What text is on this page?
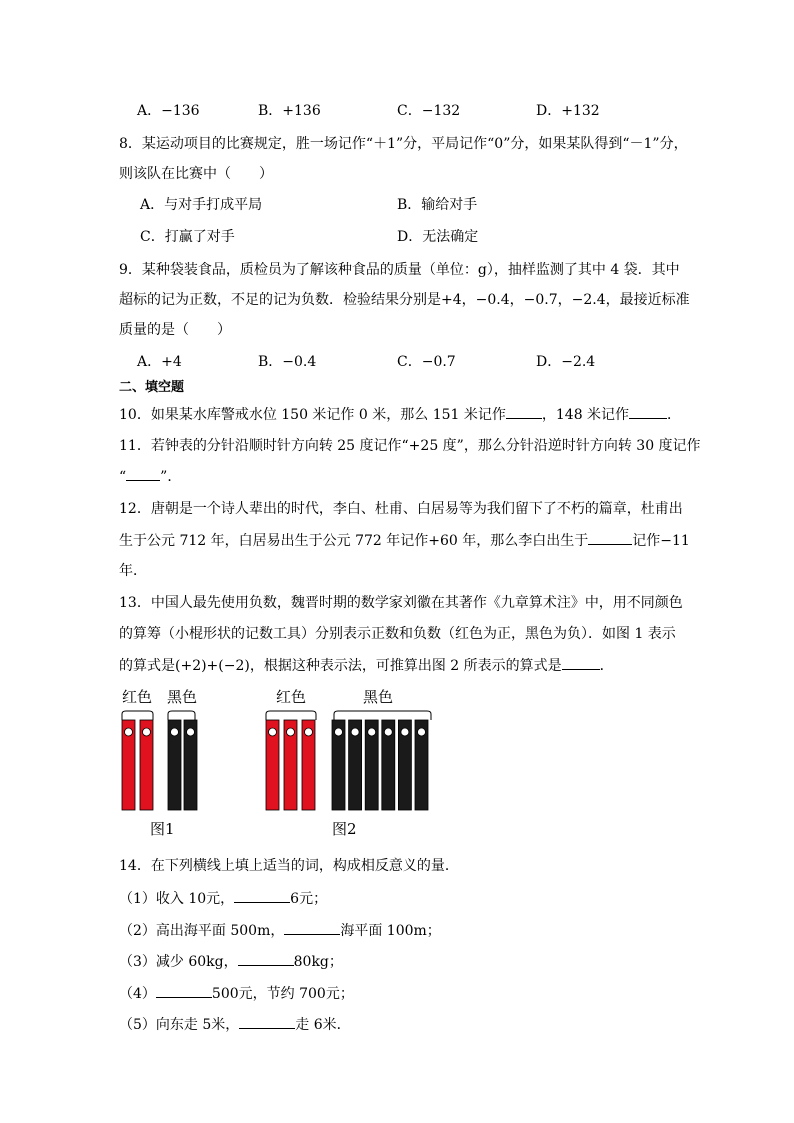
A．−136	B．+136	C．−132	D．+132
8．某运动项目的比赛规定，胜一场记作“＋1”分，平局记作“0”分，如果某队得到“－1”分，
则该队在比赛中（　　）
A．与对手打成平局	B．输给对手
C．打赢了对手	D．无法确定
9．某种袋装食品，质检员为了解该种食品的质量（单位：g），抽样监测了其中 4 袋．其中
超标的记为正数，不足的记为负数．检验结果分别是+4，−0.4，−0.7，−2.4，最接近标准
质量的是（　　）
A．+4	B．−0.4	C．−0.7	D．−2.4
二、填空题
10．如果某水库警戒水位 150 米记作 0 米，那么 151 米记作	，148 米记作	．
11．若钟表的分针沿顺时针方向转 25 度记作“+25 度”，那么分针沿逆时针方向转 30 度记作
“ ”．
12．唐朝是一个诗人辈出的时代，李白、杜甫、白居易等为我们留下了不朽的篇章，杜甫出
生于公元 712 年，白居易出生于公元 772 年记作+60 年，那么李白出生于	记作−11
年．
13．中国人最先使用负数，魏晋时期的数学家刘徽在其著作《九章算术注》中，用不同颜色
的算筹（小棍形状的记数工具）分别表示正数和负数（红色为正，黑色为负）．如图 1 表示
的算式是(+2)+(−2)，根据这种表示法，可推算出图 2 所表示的算式是	．
红色 黑色
图1
红色	黑色
图2
14．在下列横线上填上适当的词，构成相反意义的量．
（1）收入 10元，	6元；
（2）高出海平面 500m，	海平面 100m；
（3）减少 60kg，	80kg；
（4）	500元，节约 700元；
（5）向东走 5米，	走 6米．
